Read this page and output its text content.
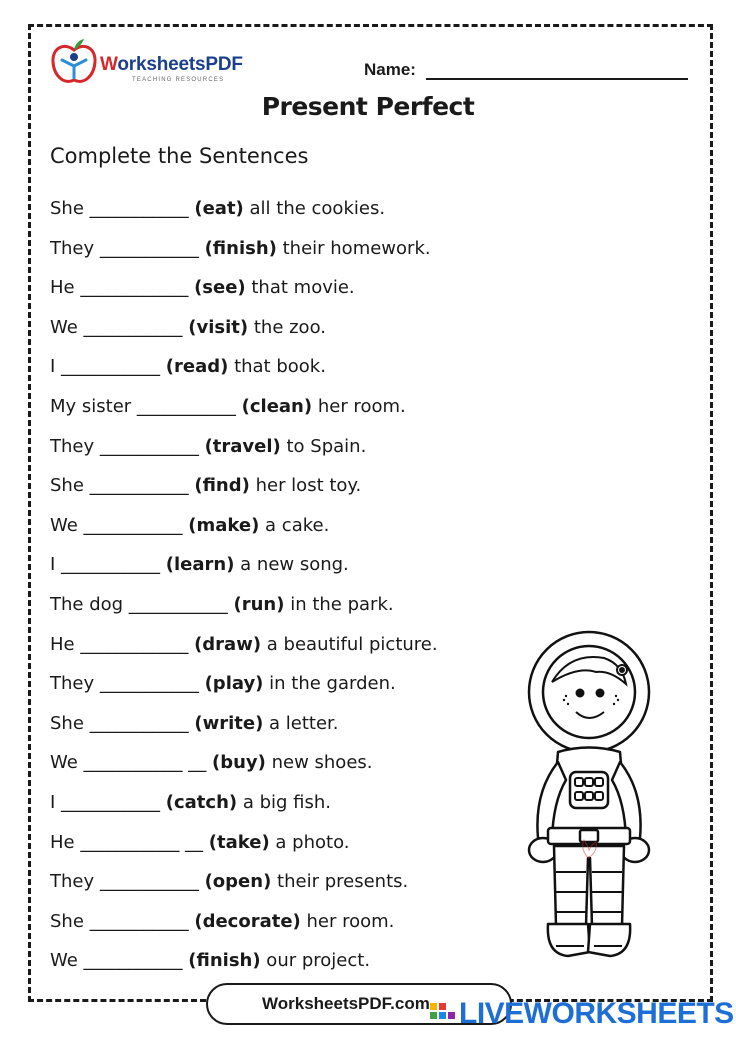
WorksheetsPDF
TEACHING RESOURCES
Name:
Present Perfect
Complete the Sentences
She ___________ (eat) all the cookies.
They ___________ (finish) their homework.
He ____________ (see) that movie.
We ___________ (visit) the zoo.
I ___________ (read) that book.
My sister ___________ (clean) her room.
They ___________ (travel) to Spain.
She ___________ (find) her lost toy.
We ___________ (make) a cake.
I ___________ (learn) a new song.
The dog ___________ (run) in the park.
He ____________ (draw) a beautiful picture.
They ___________ (play) in the garden.
She ___________ (write) a letter.
We ___________ __ (buy) new shoes.
I ___________ (catch) a big fish.
He ___________ __ (take) a photo.
They ___________ (open) their presents.
She ___________ (decorate) her room.
We ___________ (finish) our project.
WorksheetsPDF.com LIVEWORKSHEETS
